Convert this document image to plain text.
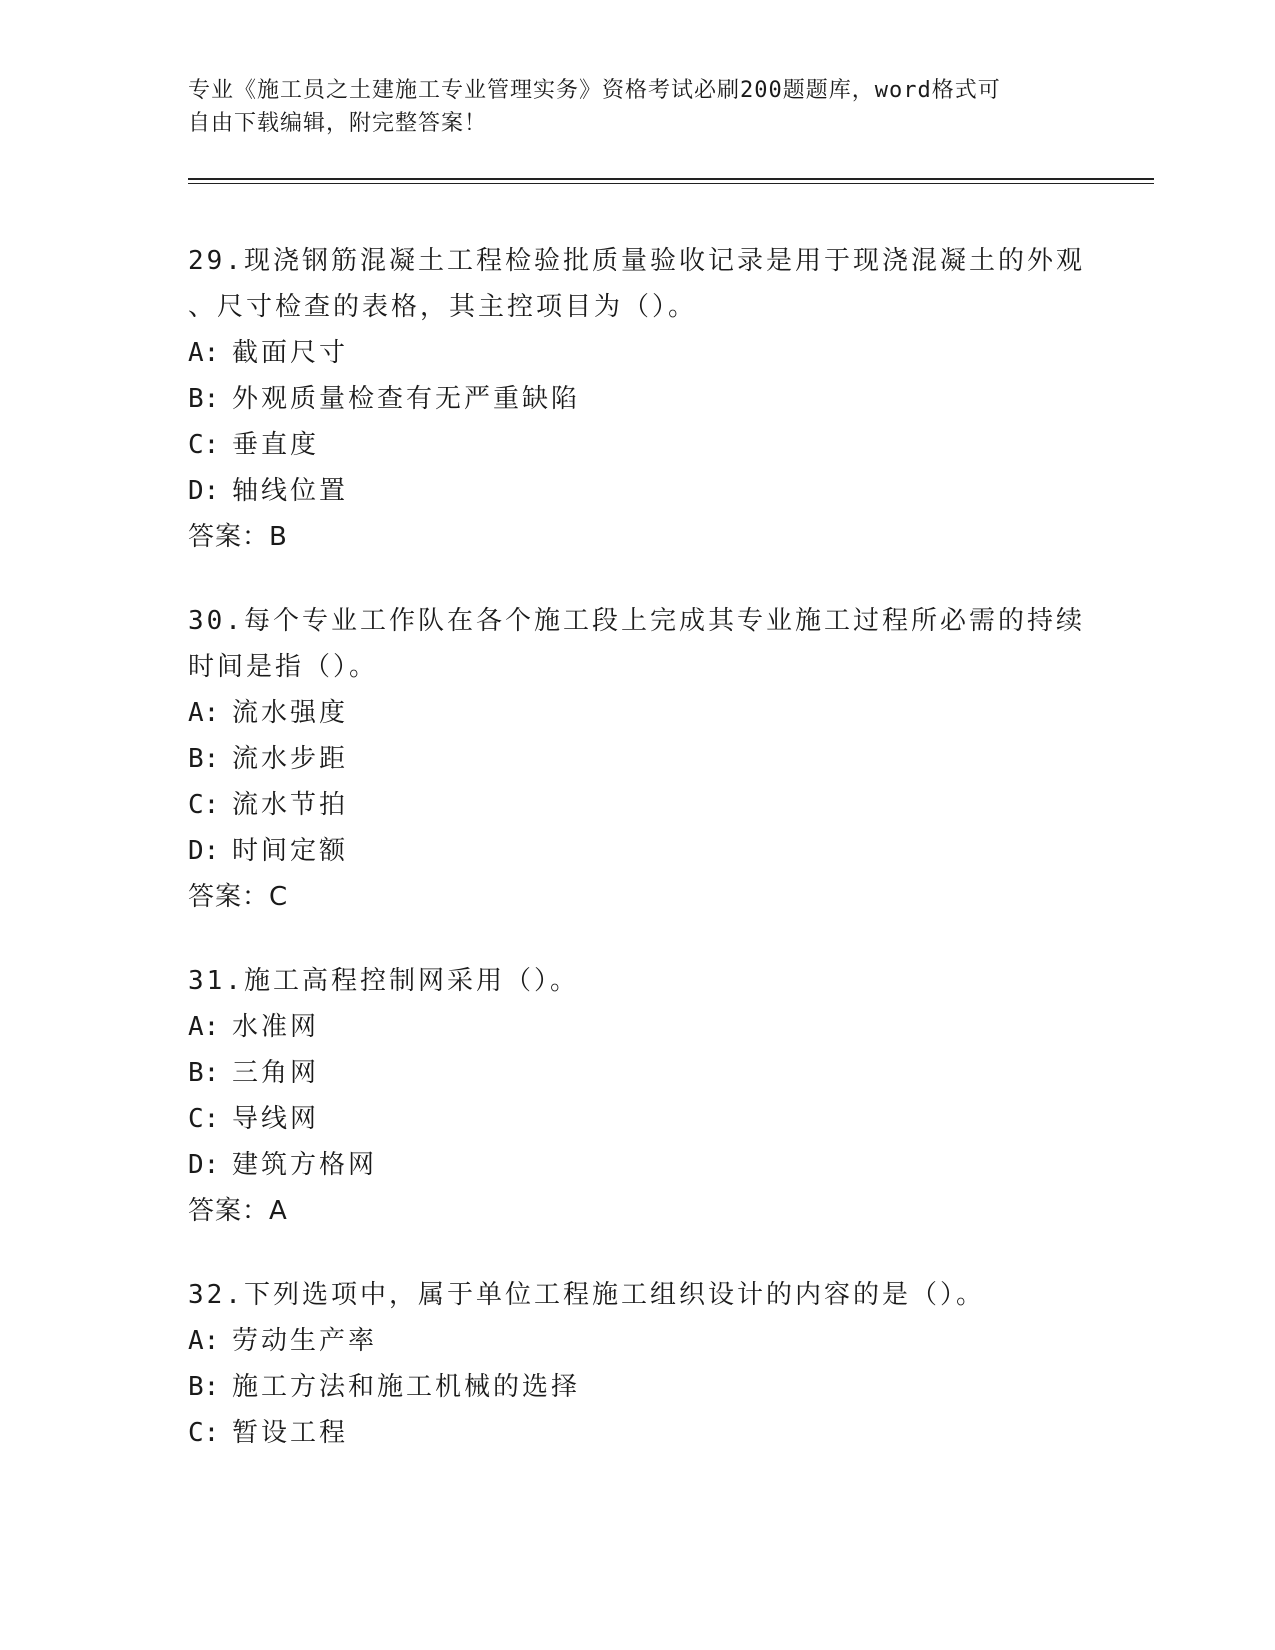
专业《施工员之土建施工专业管理实务》资格考试必刷200题题库，word格式可
自由下载编辑，附完整答案！
29.现浇钢筋混凝土工程检验批质量验收记录是用于现浇混凝土的外观
、尺寸检查的表格，其主控项目为（）。
A: 截面尺寸
B: 外观质量检查有无严重缺陷
C: 垂直度
D: 轴线位置
答案：B
30.每个专业工作队在各个施工段上完成其专业施工过程所必需的持续
时间是指（）。
A: 流水强度
B: 流水步距
C: 流水节拍
D: 时间定额
答案：C
31.施工高程控制网采用（）。
A: 水准网
B: 三角网
C: 导线网
D: 建筑方格网
答案：A
32.下列选项中，属于单位工程施工组织设计的内容的是（）。
A: 劳动生产率
B: 施工方法和施工机械的选择
C: 暂设工程
